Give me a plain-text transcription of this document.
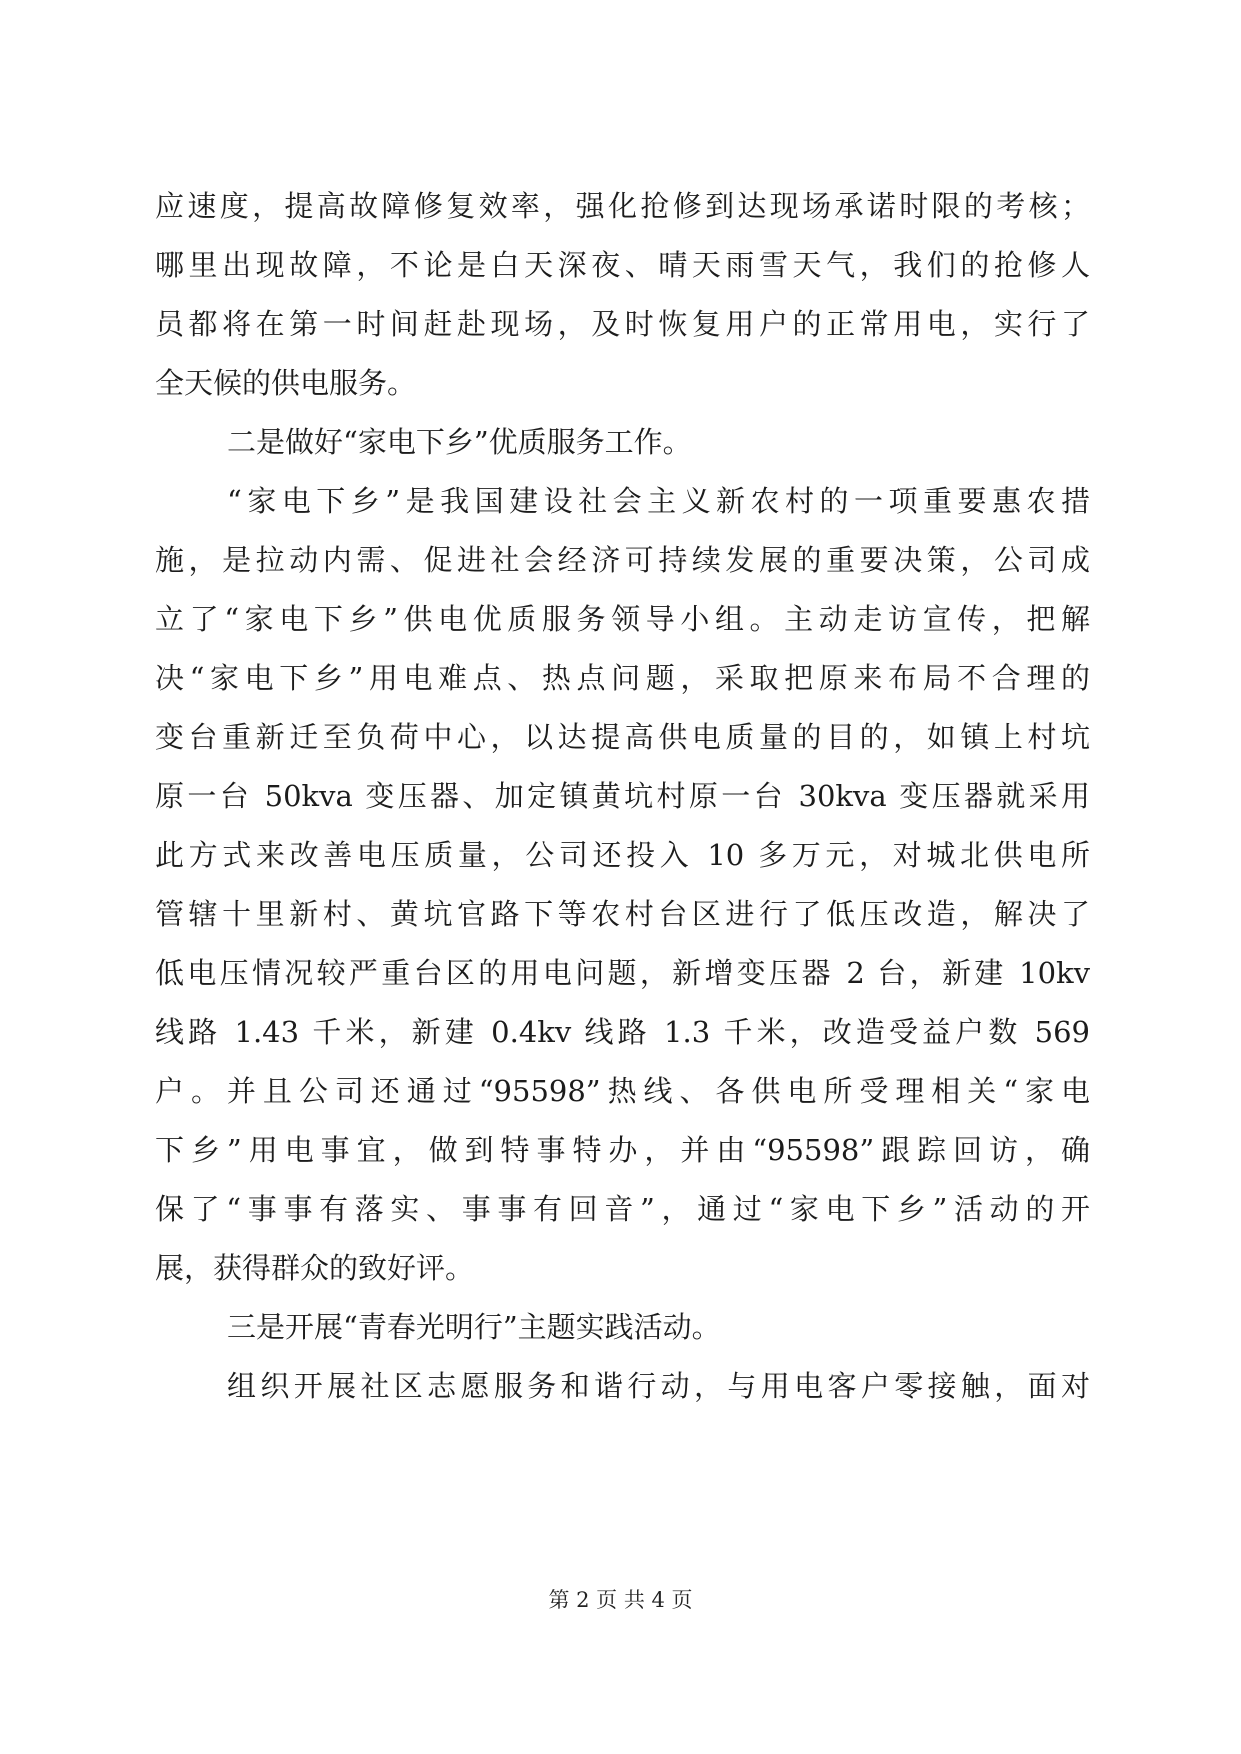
应速度，提高故障修复效率，强化抢修到达现场承诺时限的考核；
哪里出现故障，不论是白天深夜、晴天雨雪天气，我们的抢修人
员都将在第一时间赶赴现场，及时恢复用户的正常用电，实行了
全天候的供电服务。
二是做好“家电下乡”优质服务工作。
“家电下乡”是我国建设社会主义新农村的一项重要惠农措
施，是拉动内需、促进社会经济可持续发展的重要决策，公司成
立了“家电下乡”供电优质服务领导小组。主动走访宣传，把解
决“家电下乡”用电难点、热点问题，采取把原来布局不合理的
变台重新迁至负荷中心，以达提高供电质量的目的，如镇上村坑
原一台 50kva 变压器、加定镇黄坑村原一台 30kva 变压器就采用
此方式来改善电压质量，公司还投入 10 多万元，对城北供电所
管辖十里新村、黄坑官路下等农村台区进行了低压改造，解决了
低电压情况较严重台区的用电问题，新增变压器 2 台，新建 10kv
线路 1.43 千米，新建 0.4kv 线路 1.3 千米，改造受益户数 569
户。并且公司还通过“95598”热线、各供电所受理相关“家电
下乡”用电事宜，做到特事特办，并由“95598”跟踪回访，确
保了“事事有落实、事事有回音”，通过“家电下乡”活动的开
展，获得群众的致好评。
三是开展“青春光明行”主题实践活动。
组织开展社区志愿服务和谐行动，与用电客户零接触，面对
第 2 页 共 4 页
